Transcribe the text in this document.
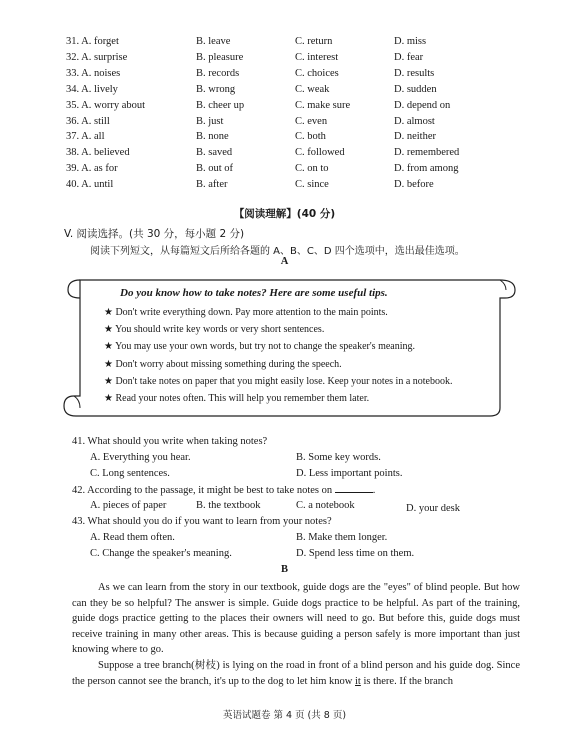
31. A. forget	B. leave	C. return	D. miss
32. A. surprise	B. pleasure	C. interest	D. fear
33. A. noises	B. records	C. choices	D. results
34. A. lively	B. wrong	C. weak	D. sudden
35. A. worry about	B. cheer up	C. make sure	D. depend on
36. A. still	B. just	C. even	D. almost
37. A. all	B. none	C. both	D. neither
38. A. believed	B. saved	C. followed	D. remembered
39. A. as for	B. out of	C. on to	D. from among
40. A. until	B. after	C. since	D. before
【阅读理解】(40 分)
V. 阅读选择。(共 30 分，每小题 2 分)
阅读下列短文，从每篇短文后所给各题的 A、B、C、D 四个选项中，选出最佳选项。
A
Do you know how to take notes? Here are some useful tips.
★ Don't write everything down. Pay more attention to the main points.
★ You should write key words or very short sentences.
★ You may use your own words, but try not to change the speaker's meaning.
★ Don't worry about missing something during the speech.
★ Don't take notes on paper that you might easily lose. Keep your notes in a notebook.
★ Read your notes often. This will help you remember them later.
41. What should you write when taking notes?
A. Everything you hear.	B. Some key words.
C. Long sentences.	D. Less important points.
42. According to the passage, it might be best to take notes on	.
A. pieces of paper	B. the textbook	C. a notebook	D. your desk
43. What should you do if you want to learn from your notes?
A. Read them often.	B. Make them longer.
C. Change the speaker's meaning.	D. Spend less time on them.
B
As we can learn from the story in our textbook, guide dogs are the "eyes" of blind people. But how can they be so helpful? The answer is simple. Guide dogs practice to be helpful. As part of the training, guide dogs practice getting to the places their owners will need to go. But before this, guide dogs must receive training in many other areas. This is because guiding a person safely is more important than just knowing where to go.
Suppose a tree branch(树枝) is lying on the road in front of a blind person and his guide dog. Since the person cannot see the branch, it's up to the dog to let him know it is there. If the branch
英语试题卷 第 4 页 (共 8 页)
